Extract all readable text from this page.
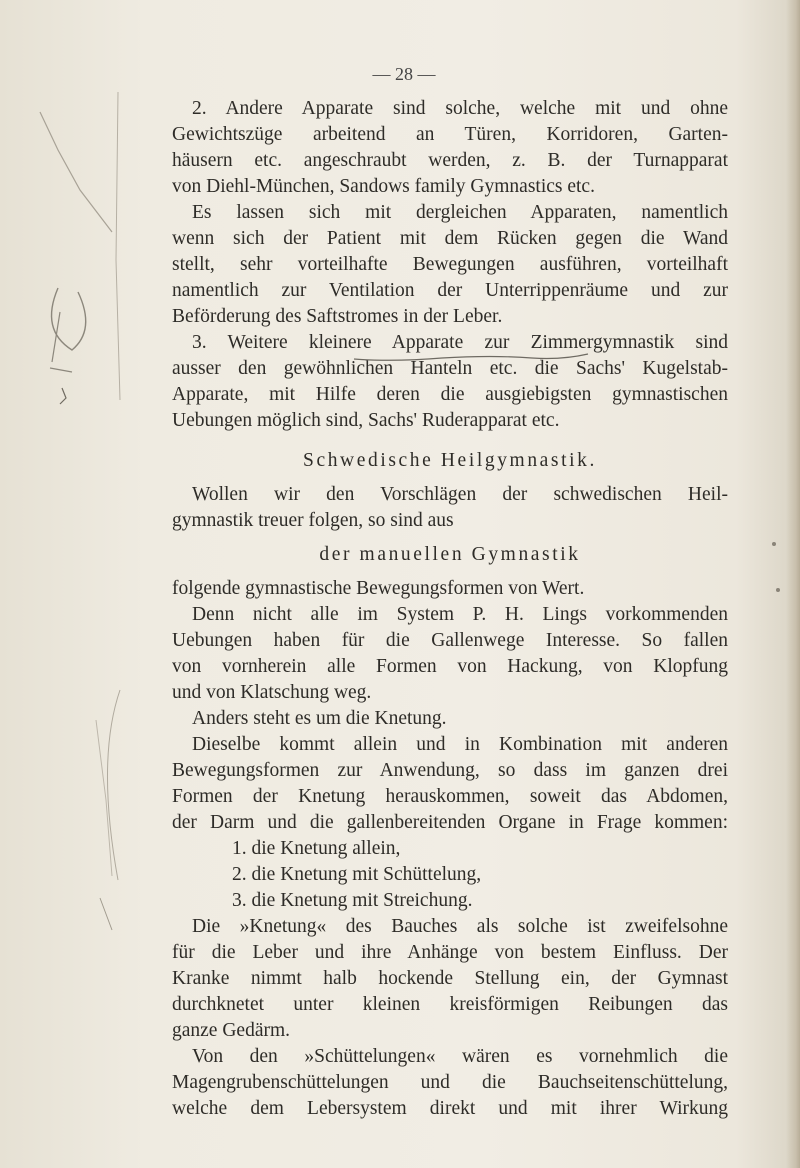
— 28 —
2. Andere Apparate sind solche, welche mit und ohne
Gewichtszüge arbeitend an Türen, Korridoren, Garten-
häusern etc. angeschraubt werden, z. B. der Turnapparat
von Diehl-München, Sandows family Gymnastics etc.
Es lassen sich mit dergleichen Apparaten, namentlich
wenn sich der Patient mit dem Rücken gegen die Wand
stellt, sehr vorteilhafte Bewegungen ausführen, vorteilhaft
namentlich zur Ventilation der Unterrippenräume und zur
Beförderung des Saftstromes in der Leber.
3. Weitere kleinere Apparate zur Zimmergymnastik sind
ausser den gewöhnlichen Hanteln etc. die Sachs' Kugelstab-
Apparate, mit Hilfe deren die ausgiebigsten gymnastischen
Uebungen möglich sind, Sachs' Ruderapparat etc.
Schwedische Heilgymnastik.
Wollen wir den Vorschlägen der schwedischen Heil-
gymnastik treuer folgen, so sind aus
der manuellen Gymnastik
folgende gymnastische Bewegungsformen von Wert.
Denn nicht alle im System P. H. Lings vorkommenden
Uebungen haben für die Gallenwege Interesse. So fallen
von vornherein alle Formen von Hackung, von Klopfung
und von Klatschung weg.
Anders steht es um die Knetung.
Dieselbe kommt allein und in Kombination mit anderen
Bewegungsformen zur Anwendung, so dass im ganzen drei
Formen der Knetung herauskommen, soweit das Abdomen,
der Darm und die gallenbereitenden Organe in Frage kommen:
1. die Knetung allein,
2. die Knetung mit Schüttelung,
3. die Knetung mit Streichung.
Die »Knetung« des Bauches als solche ist zweifelsohne
für die Leber und ihre Anhänge von bestem Einfluss. Der
Kranke nimmt halb hockende Stellung ein, der Gymnast
durchknetet unter kleinen kreisförmigen Reibungen das
ganze Gedärm.
Von den »Schüttelungen« wären es vornehmlich die
Magengrubenschüttelungen und die Bauchseitenschüttelung,
welche dem Lebersystem direkt und mit ihrer Wirkung
